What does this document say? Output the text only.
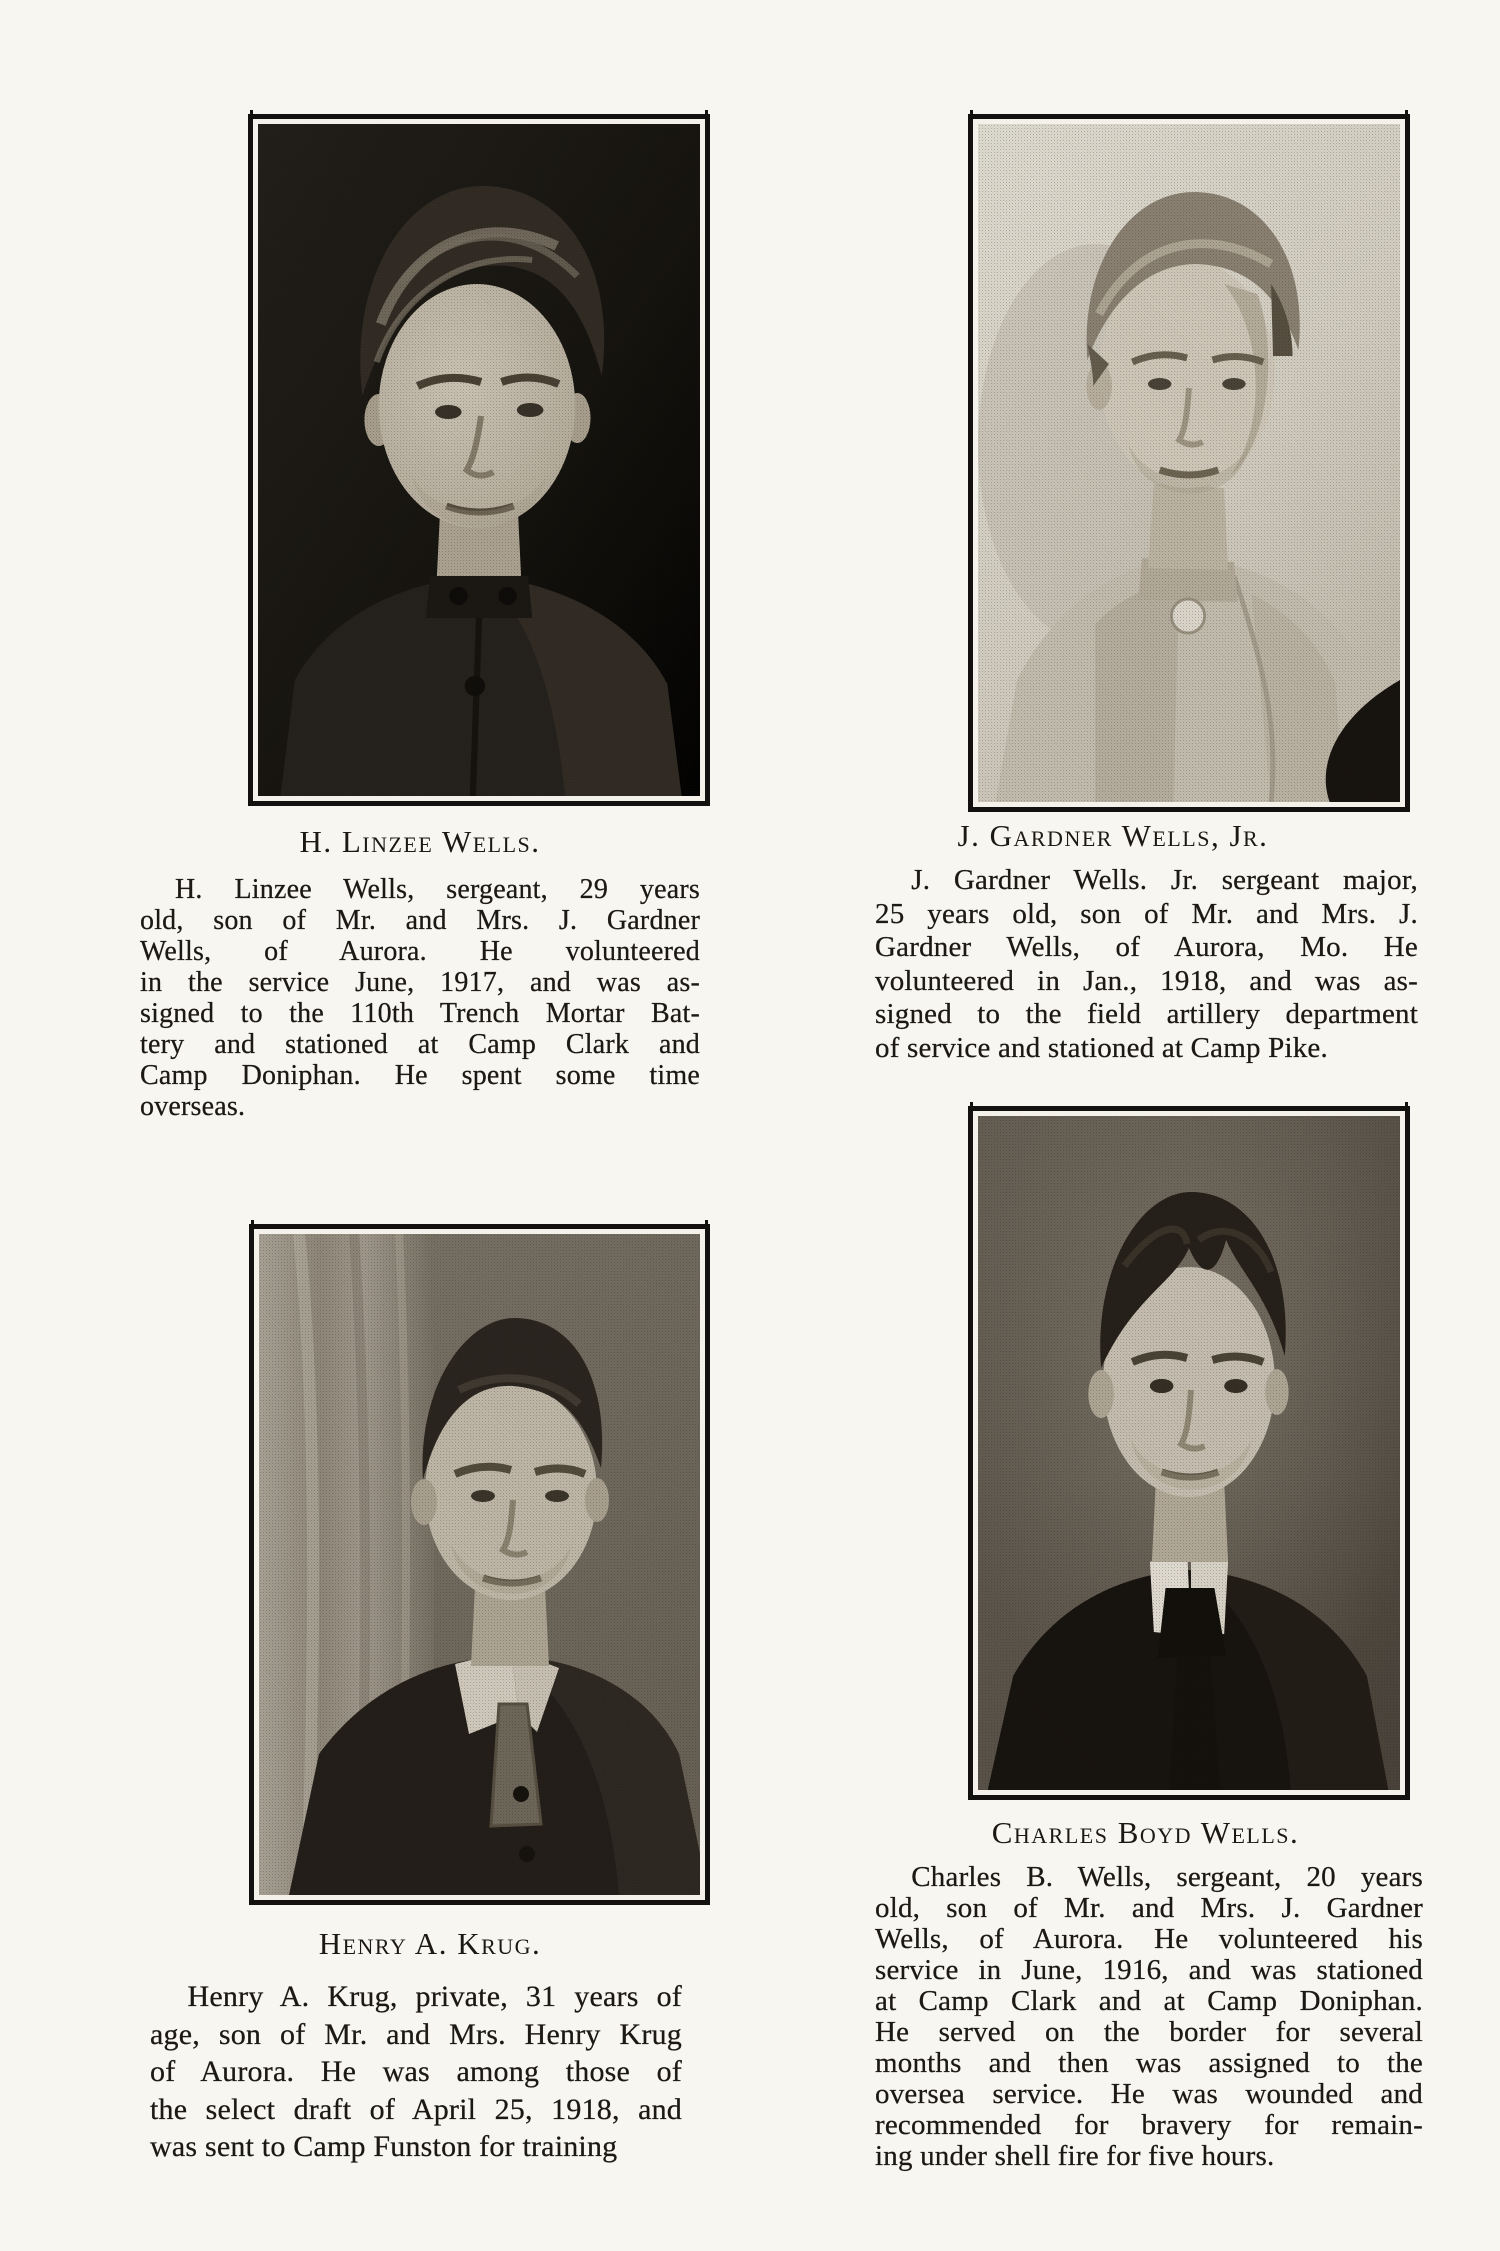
H. Linzee Wells.
H. Linzee Wells, sergeant, 29 years
old, son of Mr. and Mrs. J. Gardner
Wells, of Aurora. He volunteered
in the service June, 1917, and was as-
signed to the 110th Trench Mortar Bat-
tery and stationed at Camp Clark and
Camp Doniphan. He spent some time
overseas.
J. Gardner Wells, Jr.
J. Gardner Wells. Jr. sergeant major,
25 years old, son of Mr. and Mrs. J.
Gardner Wells, of Aurora, Mo. He
volunteered in Jan., 1918, and was as-
signed to the field artillery department
of service and stationed at Camp Pike.
Henry A. Krug.
Henry A. Krug, private, 31 years of
age, son of Mr. and Mrs. Henry Krug
of Aurora. He was among those of
the select draft of April 25, 1918, and
was sent to Camp Funston for training
Charles Boyd Wells.
Charles B. Wells, sergeant, 20 years
old, son of Mr. and Mrs. J. Gardner
Wells, of Aurora. He volunteered his
service in June, 1916, and was stationed
at Camp Clark and at Camp Doniphan.
He served on the border for several
months and then was assigned to the
oversea service. He was wounded and
recommended for bravery for remain-
ing under shell fire for five hours.
